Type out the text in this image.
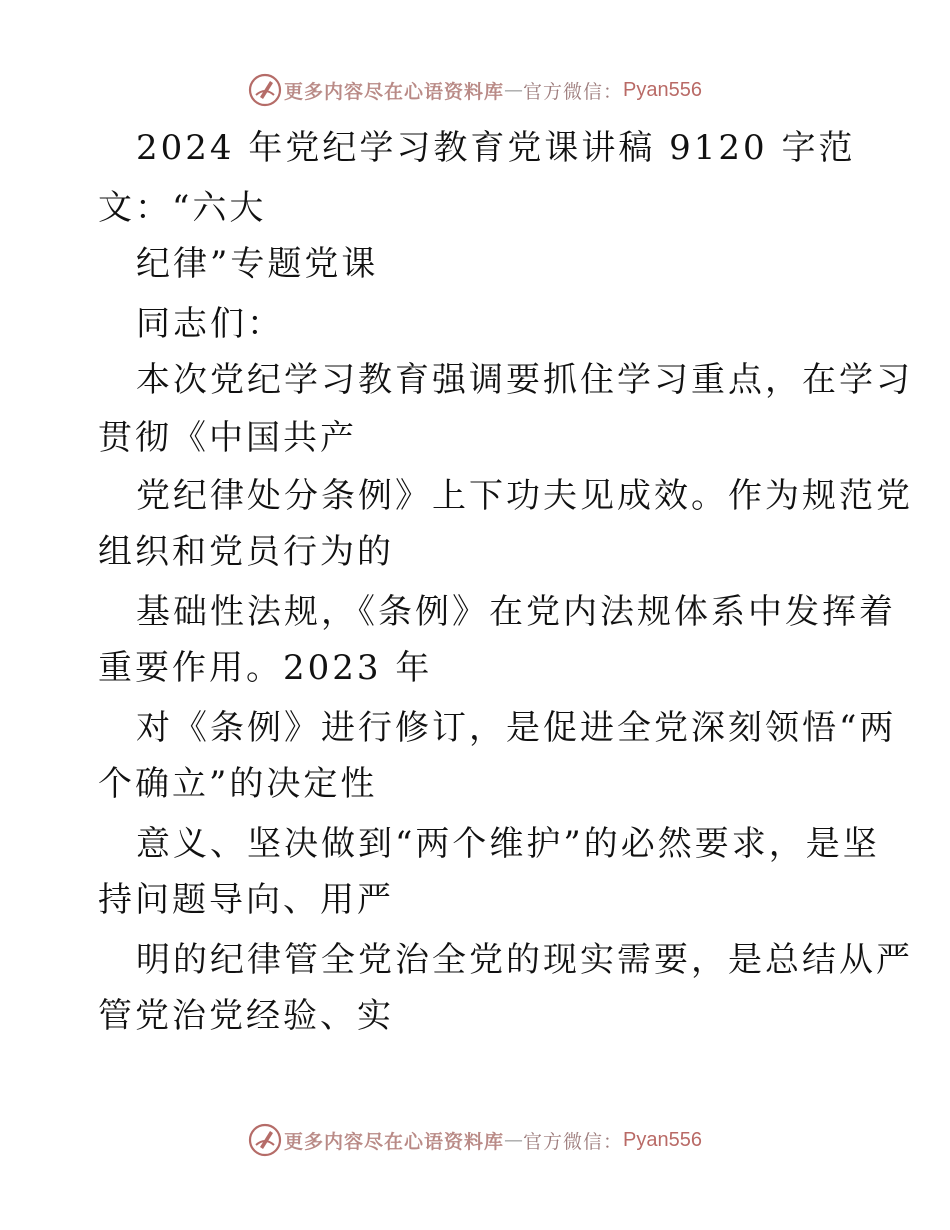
更多内容尽在心语资料库 — 官方微信： Pyan556
2024 年党纪学习教育党课讲稿 9120 字范
文：“六大
纪律”专题党课
同志们：
本次党纪学习教育强调要抓住学习重点，在学习
贯彻《中国共产
党纪律处分条例》上下功夫见成效。作为规范党
组织和党员行为的
基础性法规，《条例》在党内法规体系中发挥着
重要作用。2023 年
对《条例》进行修订，是促进全党深刻领悟“两
个确立”的决定性
意义、坚决做到“两个维护”的必然要求，是坚
持问题导向、用严
明的纪律管全党治全党的现实需要，是总结从严
管党治党经验、实
更多内容尽在心语资料库 — 官方微信： Pyan556
